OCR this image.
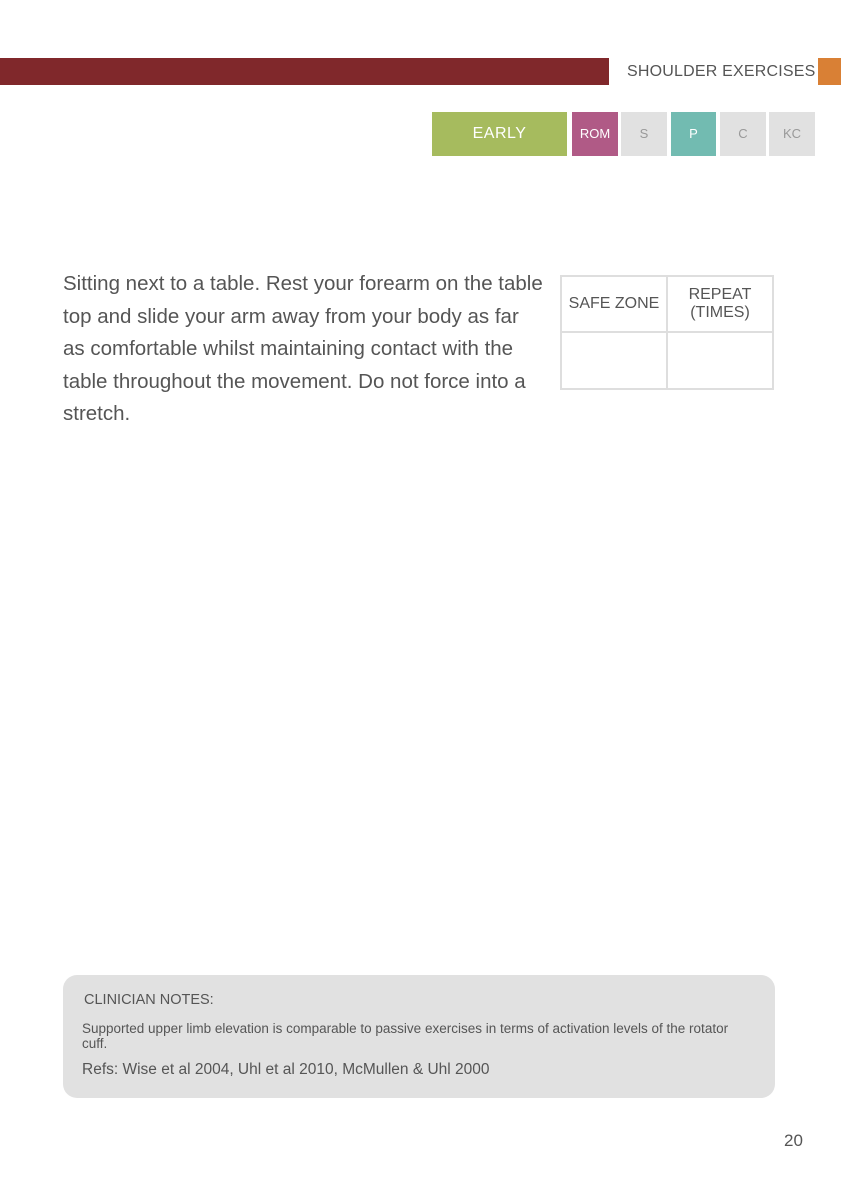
SHOULDER EXERCISES
EARLY	ROM	S	P	C	KC

Sitting next to a table. Rest your forearm on the table top and slide your arm away from your body as far as comfortable whilst maintaining contact with the table throughout the movement. Do not force into a stretch.

SAFE ZONE	REPEAT (TIMES)

CLINICIAN NOTES:

Supported upper limb elevation is comparable to passive exercises in terms of activation levels of the rotator cuff.

Refs: Wise et al 2004, Uhl et al 2010, McMullen & Uhl 2000
20
